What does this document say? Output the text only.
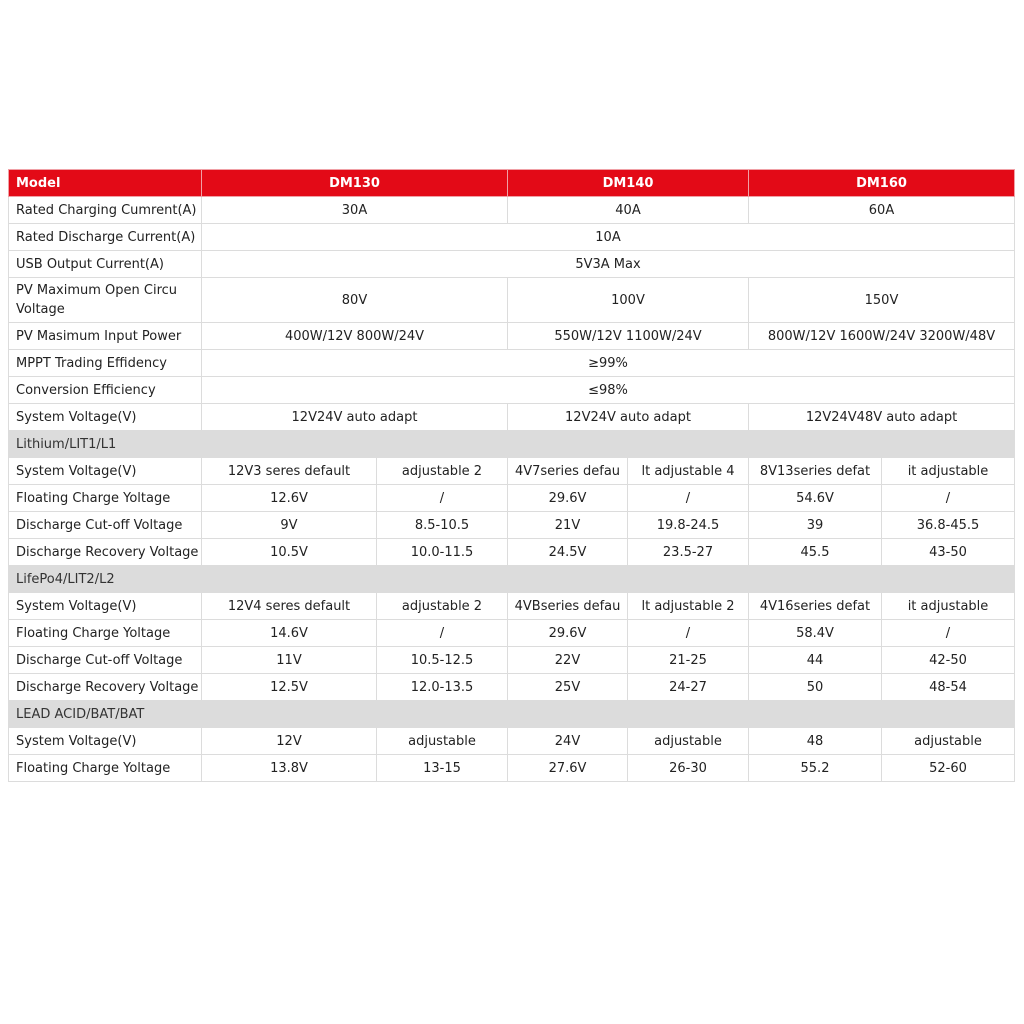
Model	DM130		DM140		DM160	
Rated Charging Cumrent(A)	30A		40A		60A	
Rated Discharge Current(A)	10A					
USB Output Current(A)	5V3A Max					
PV Maximum Open Circu Voltage	80V		100V		150V	
PV Masimum Input Power	400W/12V 800W/24V		550W/12V 1100W/24V		800W/12V 1600W/24V 3200W/48V	
MPPT Trading Effidency	≥99%					
Conversion Efficiency	≤98%					
System Voltage(V)	12V24V auto adapt		12V24V auto adapt		12V24V48V auto adapt	
Lithium/LIT1/L1						
System Voltage(V)	12V3 seres default	adjustable 2	4V7series defau	lt adjustable 4	8V13series defat	it adjustable
Floating Charge Yoltage	12.6V	/	29.6V	/	54.6V	/
Discharge Cut-off Voltage	9V	8.5-10.5	21V	19.8-24.5	39	36.8-45.5
Discharge Recovery Voltage	10.5V	10.0-11.5	24.5V	23.5-27	45.5	43-50
LifePo4/LIT2/L2						
System Voltage(V)	12V4 seres default	adjustable 2	4VBseries defau	lt adjustable 2	4V16series defat	it adjustable
Floating Charge Yoltage	14.6V	/	29.6V	/	58.4V	/
Discharge Cut-off Voltage	11V	10.5-12.5	22V	21-25	44	42-50
Discharge Recovery Voltage	12.5V	12.0-13.5	25V	24-27	50	48-54
LEAD ACID/BAT/BAT						
System Voltage(V)	12V	adjustable	24V	adjustable	48	adjustable
Floating Charge Yoltage	13.8V	13-15	27.6V	26-30	55.2	52-60
